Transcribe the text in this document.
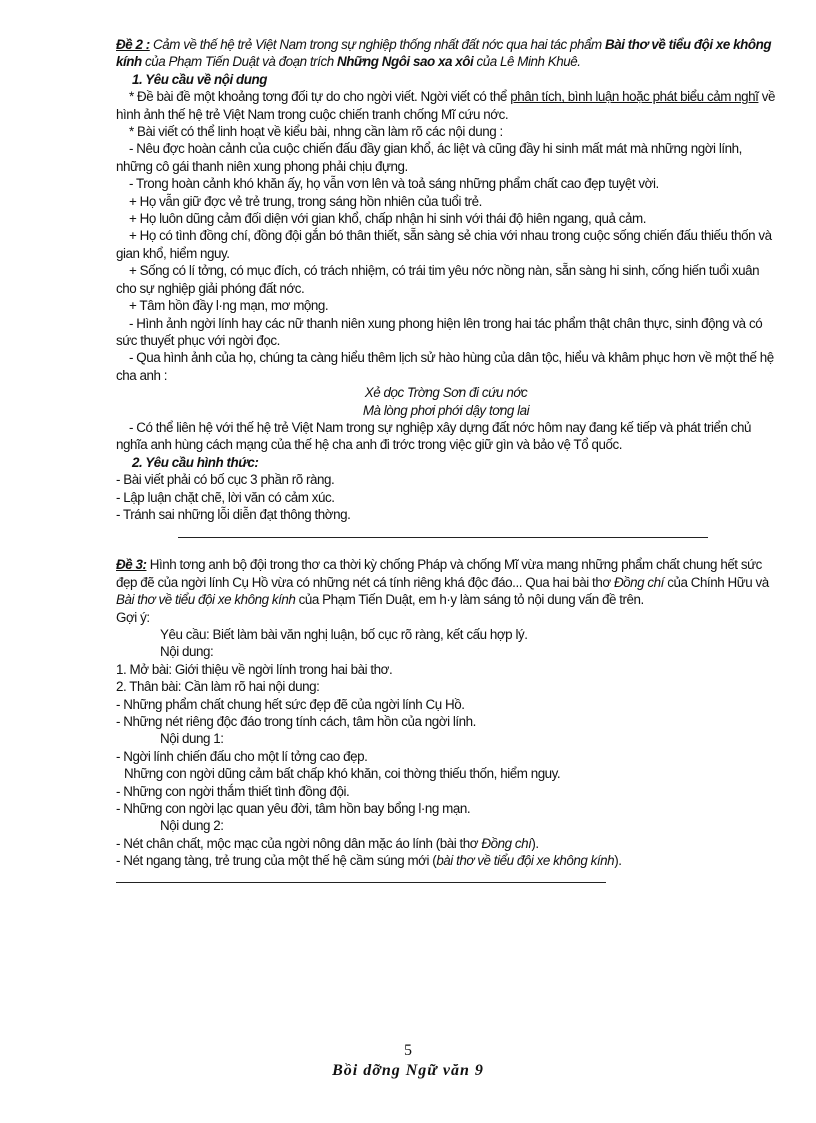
Đề 2 : Cảm về thế hệ trẻ Việt Nam trong sự nghiệp thống nhất đất nớc qua hai tác phẩm Bài thơ về tiểu đội xe không kính của Phạm Tiến Duật và đoạn trích Những Ngôi sao xa xôi của Lê Minh Khuê.

1. Yêu cầu về nội dung

* Đề bài đề một khoảng tơng đối tự do cho ngời viết. Ngời viết có thể phân tích, bình luận hoặc phát biểu cảm nghĩ về hình ảnh thế hệ trẻ Việt Nam trong cuộc chiến tranh chống Mĩ cứu nớc.

* Bài viết có thể linh hoạt về kiểu bài, nhng cần làm rõ các nội dung :

- Nêu đợc hoàn cảnh của cuộc chiến đấu đầy gian khổ, ác liệt và cũng đầy hi sinh mất mát mà những ngời lính, những cô gái thanh niên xung phong phải chịu đựng.

- Trong hoàn cảnh khó khăn ấy, họ vẫn vơn lên và toả sáng những phẩm chất cao đẹp tuyệt vời.

+ Họ vẫn giữ đợc vẻ trẻ trung, trong sáng hồn nhiên của tuổi trẻ.

+ Họ luôn dũng cảm đối diện với gian khổ, chấp nhận hi sinh với thái độ hiên ngang, quả cảm.

+ Họ có tình đồng chí, đồng đội gắn bó thân thiết, sẵn sàng sẻ chia với nhau trong cuộc sống chiến đấu thiếu thốn và gian khổ, hiểm nguy.

+ Sống có lí tởng, có mục đích, có trách nhiệm, có trái tim yêu nớc nồng nàn, sẵn sàng hi sinh, cống hiến tuổi xuân cho sự nghiệp giải phóng đất nớc.

+ Tâm hồn đầy l·ng mạn, mơ mộng.

- Hình ảnh ngời lính hay các nữ thanh niên xung phong hiện lên trong hai tác phẩm thật chân thực, sinh động và có sức thuyết phục với ngời đọc.

- Qua hình ảnh của họ, chúng ta càng hiểu thêm lịch sử hào hùng của dân tộc, hiểu và khâm phục hơn về một thế hệ cha anh :

Xẻ dọc Trờng Sơn đi cứu nớc

Mà lòng phơi phới dậy tơng lai

- Có thể liên hệ với thế hệ trẻ Việt Nam trong sự nghiệp xây dựng đất nớc hôm nay đang kế tiếp và phát triển chủ nghĩa anh hùng cách mạng của thế hệ cha anh đi trớc trong việc giữ gìn và bảo vệ Tổ quốc.

2. Yêu cầu hình thức:

- Bài viết phải có bố cục 3 phần rõ ràng.

- Lập luận chặt chẽ, lời văn có cảm xúc.

- Tránh sai những lỗi diễn đạt thông thờng.

Đề 3: Hình tơng anh bộ đội trong thơ ca thời kỳ chống Pháp và chống Mĩ vừa mang những phẩm chất chung hết sức đẹp đẽ của ngời lính Cụ Hồ vừa có những nét cá tính riêng khá độc đáo... Qua hai bài thơ Đồng chí của Chính Hữu và Bài thơ về tiểu đội xe không kính của Phạm Tiến Duật, em h·y làm sáng tỏ nội dung vấn đề trên.

Gợi ý:

Yêu cầu: Biết làm bài văn nghị luận, bố cục rõ ràng, kết cấu hợp lý.

Nội dung:

1. Mở bài: Giới thiệu về ngời lính trong hai bài thơ.

2. Thân bài: Cần làm rõ hai nội dung:

- Những phẩm chất chung hết sức đẹp đẽ của ngời lính Cụ Hồ.

- Những nét riêng độc đáo trong tính cách, tâm hồn của ngời lính.

Nội dung 1:

- Ngời lính chiến đấu cho một lí tởng cao đẹp.

Những con ngời dũng cảm bất chấp khó khăn, coi thờng thiếu thốn, hiểm nguy.

- Những con ngời thắm thiết tình đồng đội.

- Những con ngời lạc quan yêu đời, tâm hồn bay bổng l·ng mạn.

Nội dung 2:

- Nét chân chất, mộc mạc của ngời nông dân mặc áo lính (bài thơ Đồng chí).

- Nét ngang tàng, trẻ trung của một thế hệ cầm súng mới (bài thơ về tiểu đội xe không kính).

5
Bồi dỡng Ngữ văn 9
